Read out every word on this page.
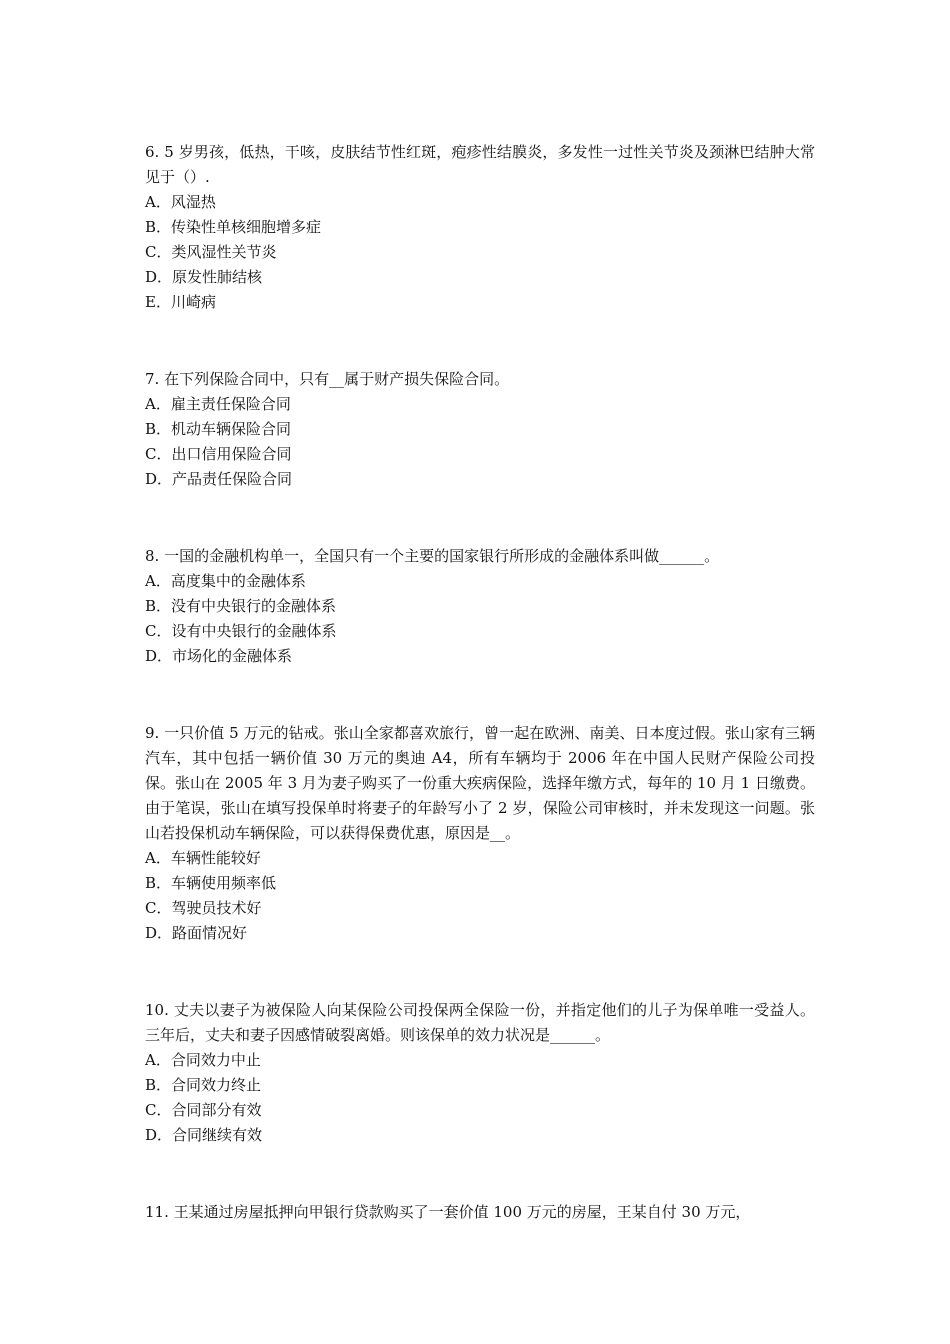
6. 5 岁男孩，低热，干咳，皮肤结节性红斑，疱疹性结膜炎，多发性一过性关节炎及颈淋巴结肿大常见于（）.

A．风湿热
B．传染性单核细胞增多症
C．类风湿性关节炎
D．原发性肺结核
E．川崎病

7. 在下列保险合同中，只有__属于财产损失保险合同。

A．雇主责任保险合同
B．机动车辆保险合同
C．出口信用保险合同
D．产品责任保险合同

8. 一国的金融机构单一，全国只有一个主要的国家银行所形成的金融体系叫做______。

A．高度集中的金融体系
B．没有中央银行的金融体系
C．设有中央银行的金融体系
D．市场化的金融体系

9. 一只价值 5 万元的钻戒。张山全家都喜欢旅行，曾一起在欧洲、南美、日本度过假。张山家有三辆汽车，其中包括一辆价值 30 万元的奥迪 A4，所有车辆均于 2006 年在中国人民财产保险公司投保。张山在 2005 年 3 月为妻子购买了一份重大疾病保险，选择年缴方式，每年的 10 月 1 日缴费。由于笔误，张山在填写投保单时将妻子的年龄写小了 2 岁，保险公司审核时，并未发现这一问题。张山若投保机动车辆保险，可以获得保费优惠，原因是__。

A．车辆性能较好
B．车辆使用频率低
C．驾驶员技术好
D．路面情况好

10. 丈夫以妻子为被保险人向某保险公司投保两全保险一份，并指定他们的儿子为保单唯一受益人。三年后，丈夫和妻子因感情破裂离婚。则该保单的效力状况是______。

A．合同效力中止
B．合同效力终止
C．合同部分有效
D．合同继续有效

11. 王某通过房屋抵押向甲银行贷款购买了一套价值 100 万元的房屋，王某自付 30 万元，
